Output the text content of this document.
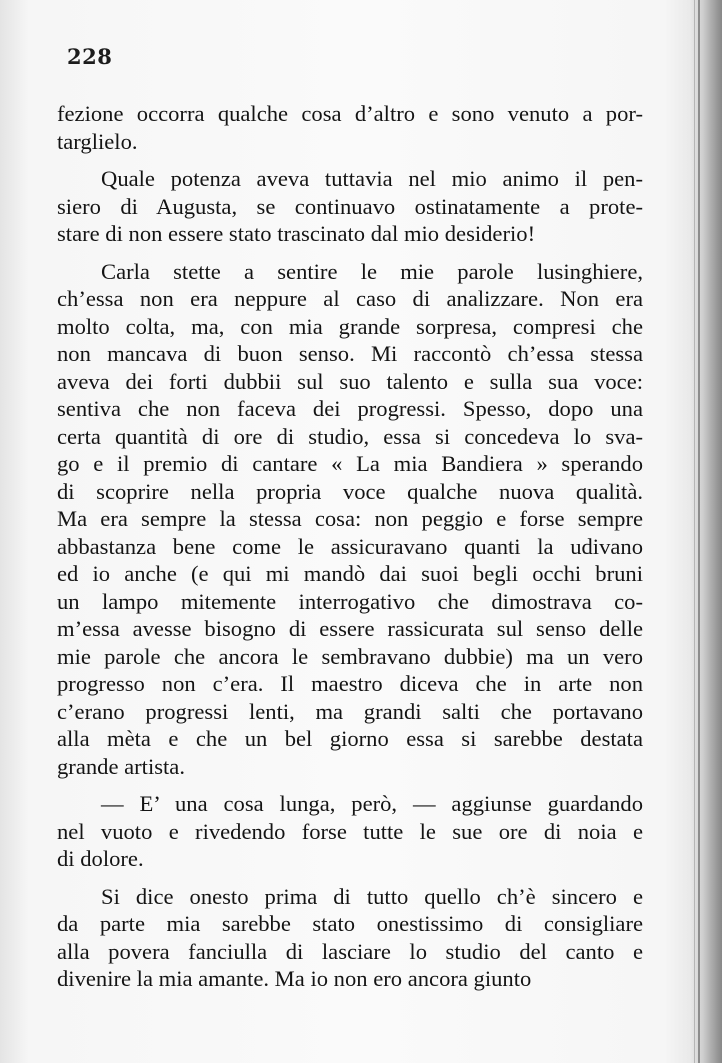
228
fezione occorra qualche cosa d’altro e sono venuto a por-
targlielo.
Quale potenza aveva tuttavia nel mio animo il pen-
siero di Augusta, se continuavo ostinatamente a prote-
stare di non essere stato trascinato dal mio desiderio!
Carla stette a sentire le mie parole lusinghiere,
ch’essa non era neppure al caso di analizzare. Non era
molto colta, ma, con mia grande sorpresa, compresi che
non mancava di buon senso. Mi raccontò ch’essa stessa
aveva dei forti dubbii sul suo talento e sulla sua voce:
sentiva che non faceva dei progressi. Spesso, dopo una
certa quantità di ore di studio, essa si concedeva lo sva-
go e il premio di cantare « La mia Bandiera » sperando
di scoprire nella propria voce qualche nuova qualità.
Ma era sempre la stessa cosa: non peggio e forse sempre
abbastanza bene come le assicuravano quanti la udivano
ed io anche (e qui mi mandò dai suoi begli occhi bruni
un lampo mitemente interrogativo che dimostrava co-
m’essa avesse bisogno di essere rassicurata sul senso delle
mie parole che ancora le sembravano dubbie) ma un vero
progresso non c’era. Il maestro diceva che in arte non
c’erano progressi lenti, ma grandi salti che portavano
alla mèta e che un bel giorno essa si sarebbe destata
grande artista.
— E’ una cosa lunga, però, — aggiunse guardando
nel vuoto e rivedendo forse tutte le sue ore di noia e
di dolore.
Si dice onesto prima di tutto quello ch’è sincero e
da parte mia sarebbe stato onestissimo di consigliare
alla povera fanciulla di lasciare lo studio del canto e
divenire la mia amante. Ma io non ero ancora giunto
